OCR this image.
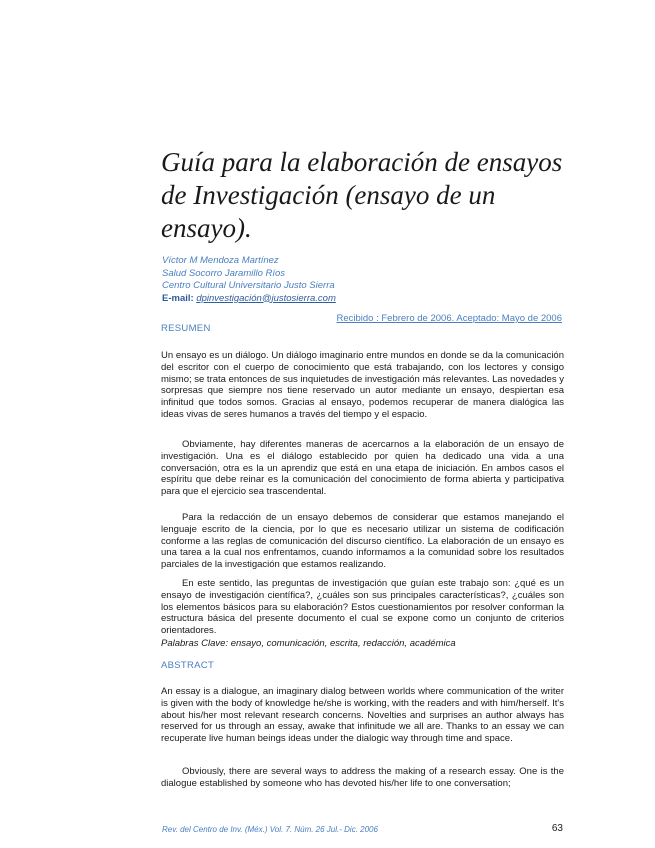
Guía para la elaboración de ensayos de Investigación (ensayo de un ensayo).
Víctor M Mendoza Martínez
Salud Socorro Jaramillo Ríos
Centro Cultural Universitario Justo Sierra
E-mail: dpinvestigación@justosierra.com
Recibido : Febrero de 2006. Aceptado: Mayo de 2006
RESUMEN

Un ensayo es un diálogo. Un diálogo imaginario entre mundos en donde se da la comunicación del escritor con el cuerpo de conocimiento que está trabajando, con los lectores y consigo mismo; se trata entonces de sus inquietudes de investigación más relevantes. Las novedades y sorpresas que siempre nos tiene reservado un autor mediante un ensayo, despiertan esa infinitud que todos somos. Gracias al ensayo, podemos recuperar de manera dialógica las ideas vivas de seres humanos a través del tiempo y el espacio.

Obviamente, hay diferentes maneras de acercarnos a la elaboración de un ensayo de investigación. Una es el diálogo establecido por quien ha dedicado una vida a una conversación, otra es la un aprendiz que está en una etapa de iniciación. En ambos casos el espíritu que debe reinar es la comunicación del conocimiento de forma abierta y participativa para que el ejercicio sea trascendental.

Para la redacción de un ensayo debemos de considerar que estamos manejando el lenguaje escrito de la ciencia, por lo que es necesario utilizar un sistema de codificación conforme a las reglas de comunicación del discurso científico. La elaboración de un ensayo es una tarea a la cual nos enfrentamos, cuando informamos a la comunidad sobre los resultados parciales de la investigación que estamos realizando.

En este sentido, las preguntas de investigación que guían este trabajo son: ¿qué es un ensayo de investigación científica?, ¿cuáles son sus principales características?, ¿cuáles son los elementos básicos para su elaboración? Estos cuestionamientos por resolver conforman la estructura básica del presente documento el cual se expone como un conjunto de criterios orientadores.

Palabras Clave: ensayo, comunicación, escrita, redacción, académica
ABSTRACT

An essay is a dialogue, an imaginary dialog between worlds where communication of the writer is given with the body of knowledge he/she is working, with the readers and with him/herself. It's about his/her most relevant research concerns. Novelties and surprises an author always has reserved for us through an essay, awake that infinitude we all are. Thanks to an essay we can recuperate live human beings ideas under the dialogic way through time and space.

Obviously, there are several ways to address the making of a research essay. One is the dialogue established by someone who has devoted his/her life to one conversation;

Rev. del Centro de Inv. (Méx.) Vol. 7. Núm. 26 Jul.- Dic. 2006	63
